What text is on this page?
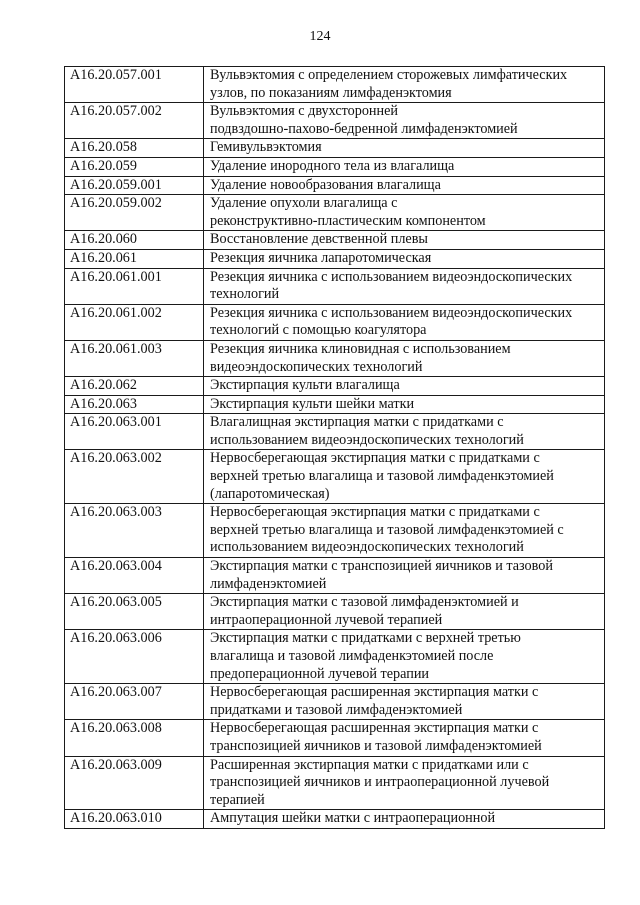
124
А16.20.057.001	Вульвэктомия с определением сторожевых лимфатических
узлов, по показаниям лимфаденэктомия

А16.20.057.002	Вульвэктомия с двухсторонней
подвздошно-пахово-бедренной лимфаденэктомией

А16.20.058	Гемивульвэктомия

А16.20.059	Удаление инородного тела из влагалища

А16.20.059.001	Удаление новообразования влагалища

А16.20.059.002	Удаление опухоли влагалища с
реконструктивно-пластическим компонентом

А16.20.060	Восстановление девственной плевы

А16.20.061	Резекция яичника лапаротомическая

А16.20.061.001	Резекция яичника с использованием видеоэндоскопических
технологий

А16.20.061.002	Резекция яичника с использованием видеоэндоскопических
технологий с помощью коагулятора

А16.20.061.003	Резекция яичника клиновидная с использованием
видеоэндоскопических технологий

А16.20.062	Экстирпация культи влагалища

А16.20.063	Экстирпация культи шейки матки

А16.20.063.001	Влагалищная экстирпация матки с придатками с
использованием видеоэндоскопических технологий

А16.20.063.002	Нервосберегающая экстирпация матки с придатками с
верхней третью влагалища и тазовой лимфаденкэтомией
(лапаротомическая)

А16.20.063.003	Нервосберегающая экстирпация матки с придатками с
верхней третью влагалища и тазовой лимфаденкэтомией с
использованием видеоэндоскопических технологий

А16.20.063.004	Экстирпация матки с транспозицией яичников и тазовой
лимфаденэктомией

А16.20.063.005	Экстирпация матки с тазовой лимфаденэктомией и
интраоперационной лучевой терапией

А16.20.063.006	Экстирпация матки с придатками с верхней третью
влагалища и тазовой лимфаденкэтомией после
предоперационной лучевой терапии

А16.20.063.007	Нервосберегающая расширенная экстирпация матки с
придатками и тазовой лимфаденэктомией

А16.20.063.008	Нервосберегающая расширенная экстирпация матки с
транспозицией яичников и тазовой лимфаденэктомией

А16.20.063.009	Расширенная экстирпация матки с придатками или с
транспозицией яичников и интраоперационной лучевой
терапией

А16.20.063.010	Ампутация шейки матки с интраоперационной
